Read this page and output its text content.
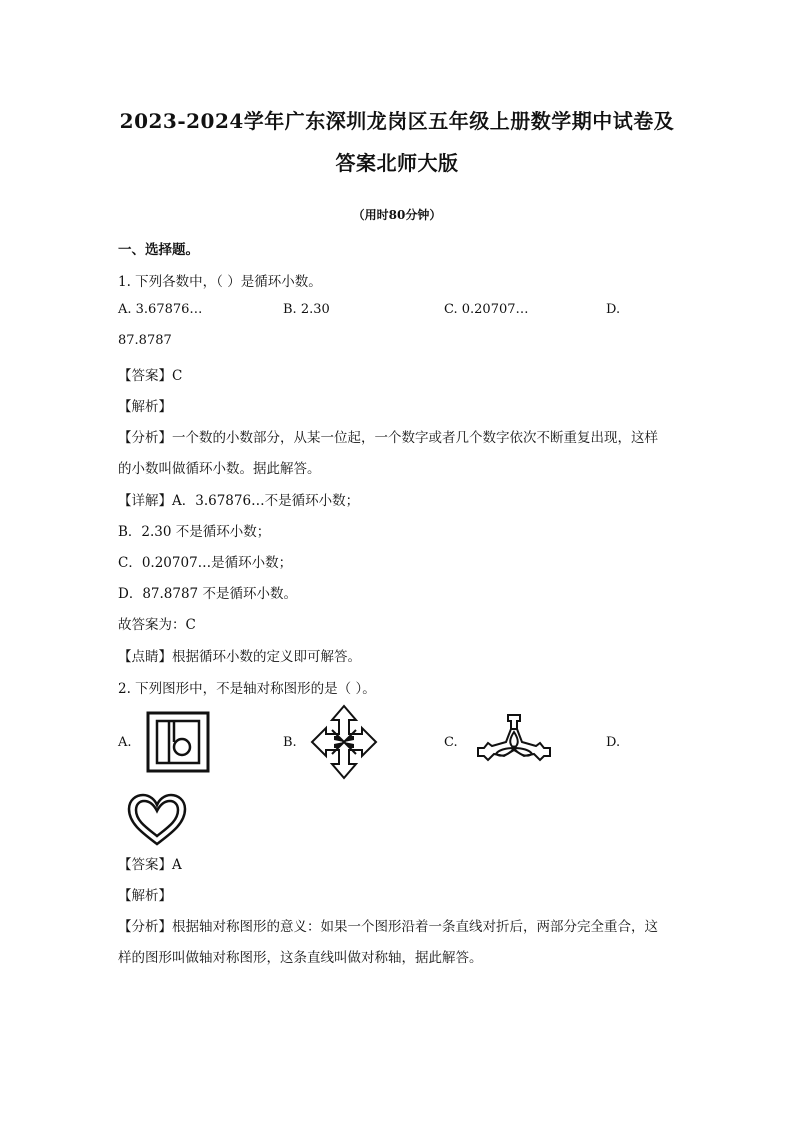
2023-2024学年广东深圳龙岗区五年级上册数学期中试卷及
答案北师大版
（用时80分钟）
一、选择题。
1. 下列各数中，（ ）是循环小数。
A. 3.67876…	B. 2.30	C. 0.20707…	D.
87.8787
【答案】C
【解析】
【分析】一个数的小数部分，从某一位起，一个数字或者几个数字依次不断重复出现，这样
的小数叫做循环小数。据此解答。
【详解】A．3.67876…不是循环小数；
B．2.30 不是循环小数；
C．0.20707…是循环小数；
D．87.8787 不是循环小数。
故答案为：C
【点睛】根据循环小数的定义即可解答。
2. 下列图形中，不是轴对称图形的是（ ）。
A.	B.	C.	D.
【答案】A
【解析】
【分析】根据轴对称图形的意义：如果一个图形沿着一条直线对折后，两部分完全重合，这
样的图形叫做轴对称图形，这条直线叫做对称轴，据此解答。
